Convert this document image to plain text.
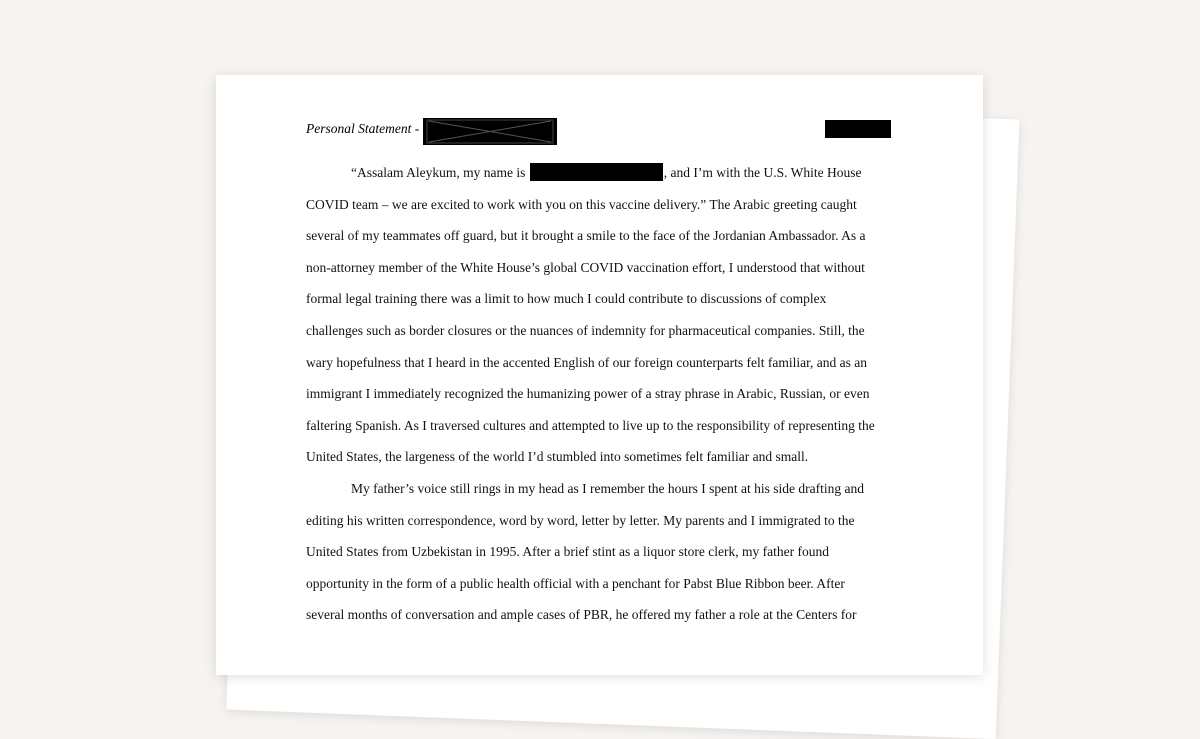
Personal Statement -
“Assalam Aleykum, my name is	, and I’m with the U.S. White House
COVID team – we are excited to work with you on this vaccine delivery.” The Arabic greeting caught
several of my teammates off guard, but it brought a smile to the face of the Jordanian Ambassador. As a
non-attorney member of the White House’s global COVID vaccination effort, I understood that without
formal legal training there was a limit to how much I could contribute to discussions of complex
challenges such as border closures or the nuances of indemnity for pharmaceutical companies. Still, the
wary hopefulness that I heard in the accented English of our foreign counterparts felt familiar, and as an
immigrant I immediately recognized the humanizing power of a stray phrase in Arabic, Russian, or even
faltering Spanish. As I traversed cultures and attempted to live up to the responsibility of representing the
United States, the largeness of the world I’d stumbled into sometimes felt familiar and small.
My father’s voice still rings in my head as I remember the hours I spent at his side drafting and
editing his written correspondence, word by word, letter by letter. My parents and I immigrated to the
United States from Uzbekistan in 1995. After a brief stint as a liquor store clerk, my father found
opportunity in the form of a public health official with a penchant for Pabst Blue Ribbon beer. After
several months of conversation and ample cases of PBR, he offered my father a role at the Centers for
